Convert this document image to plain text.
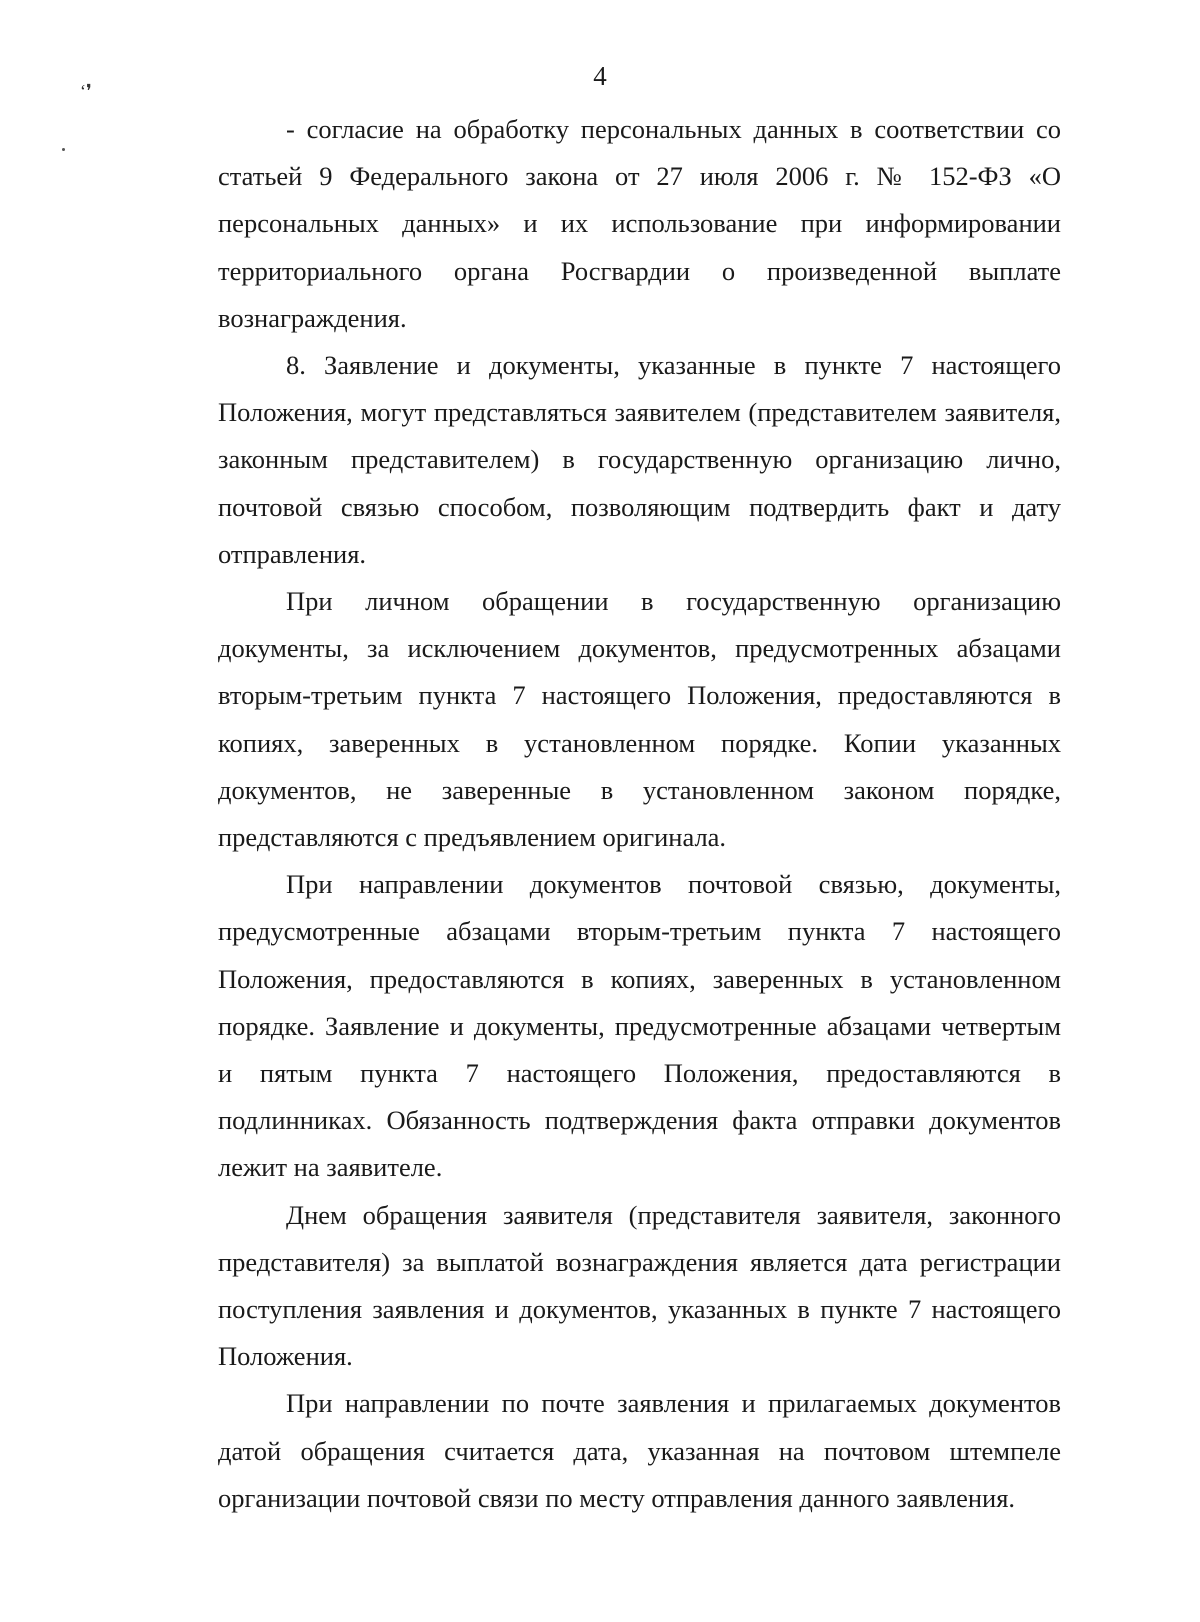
4
ʻ❜

- согласие на обработку персональных данных в соответствии со статьей 9 Федерального закона от 27 июля 2006 г. № 152-ФЗ «О персональных данных» и их использование при информировании территориального органа Росгвардии о произведенной выплате вознаграждения.

8. Заявление и документы, указанные в пункте 7 настоящего Положения, могут представляться заявителем (представителем заявителя, законным представителем) в государственную организацию лично, почтовой связью способом, позволяющим подтвердить факт и дату отправления.

При личном обращении в государственную организацию документы, за исключением документов, предусмотренных абзацами вторым-третьим пункта 7 настоящего Положения, предоставляются в копиях, заверенных в установленном порядке. Копии указанных документов, не заверенные в установленном законом порядке, представляются с предъявлением оригинала.

При направлении документов почтовой связью, документы, предусмотренные абзацами вторым-третьим пункта 7 настоящего Положения, предоставляются в копиях, заверенных в установленном порядке. Заявление и документы, предусмотренные абзацами четвертым и пятым пункта 7 настоящего Положения, предоставляются в подлинниках. Обязанность подтверждения факта отправки документов лежит на заявителе.

Днем обращения заявителя (представителя заявителя, законного представителя) за выплатой вознаграждения является дата регистрации поступления заявления и документов, указанных в пункте 7 настоящего Положения.

При направлении по почте заявления и прилагаемых документов датой обращения считается дата, указанная на почтовом штемпеле организации почтовой связи по месту отправления данного заявления.
